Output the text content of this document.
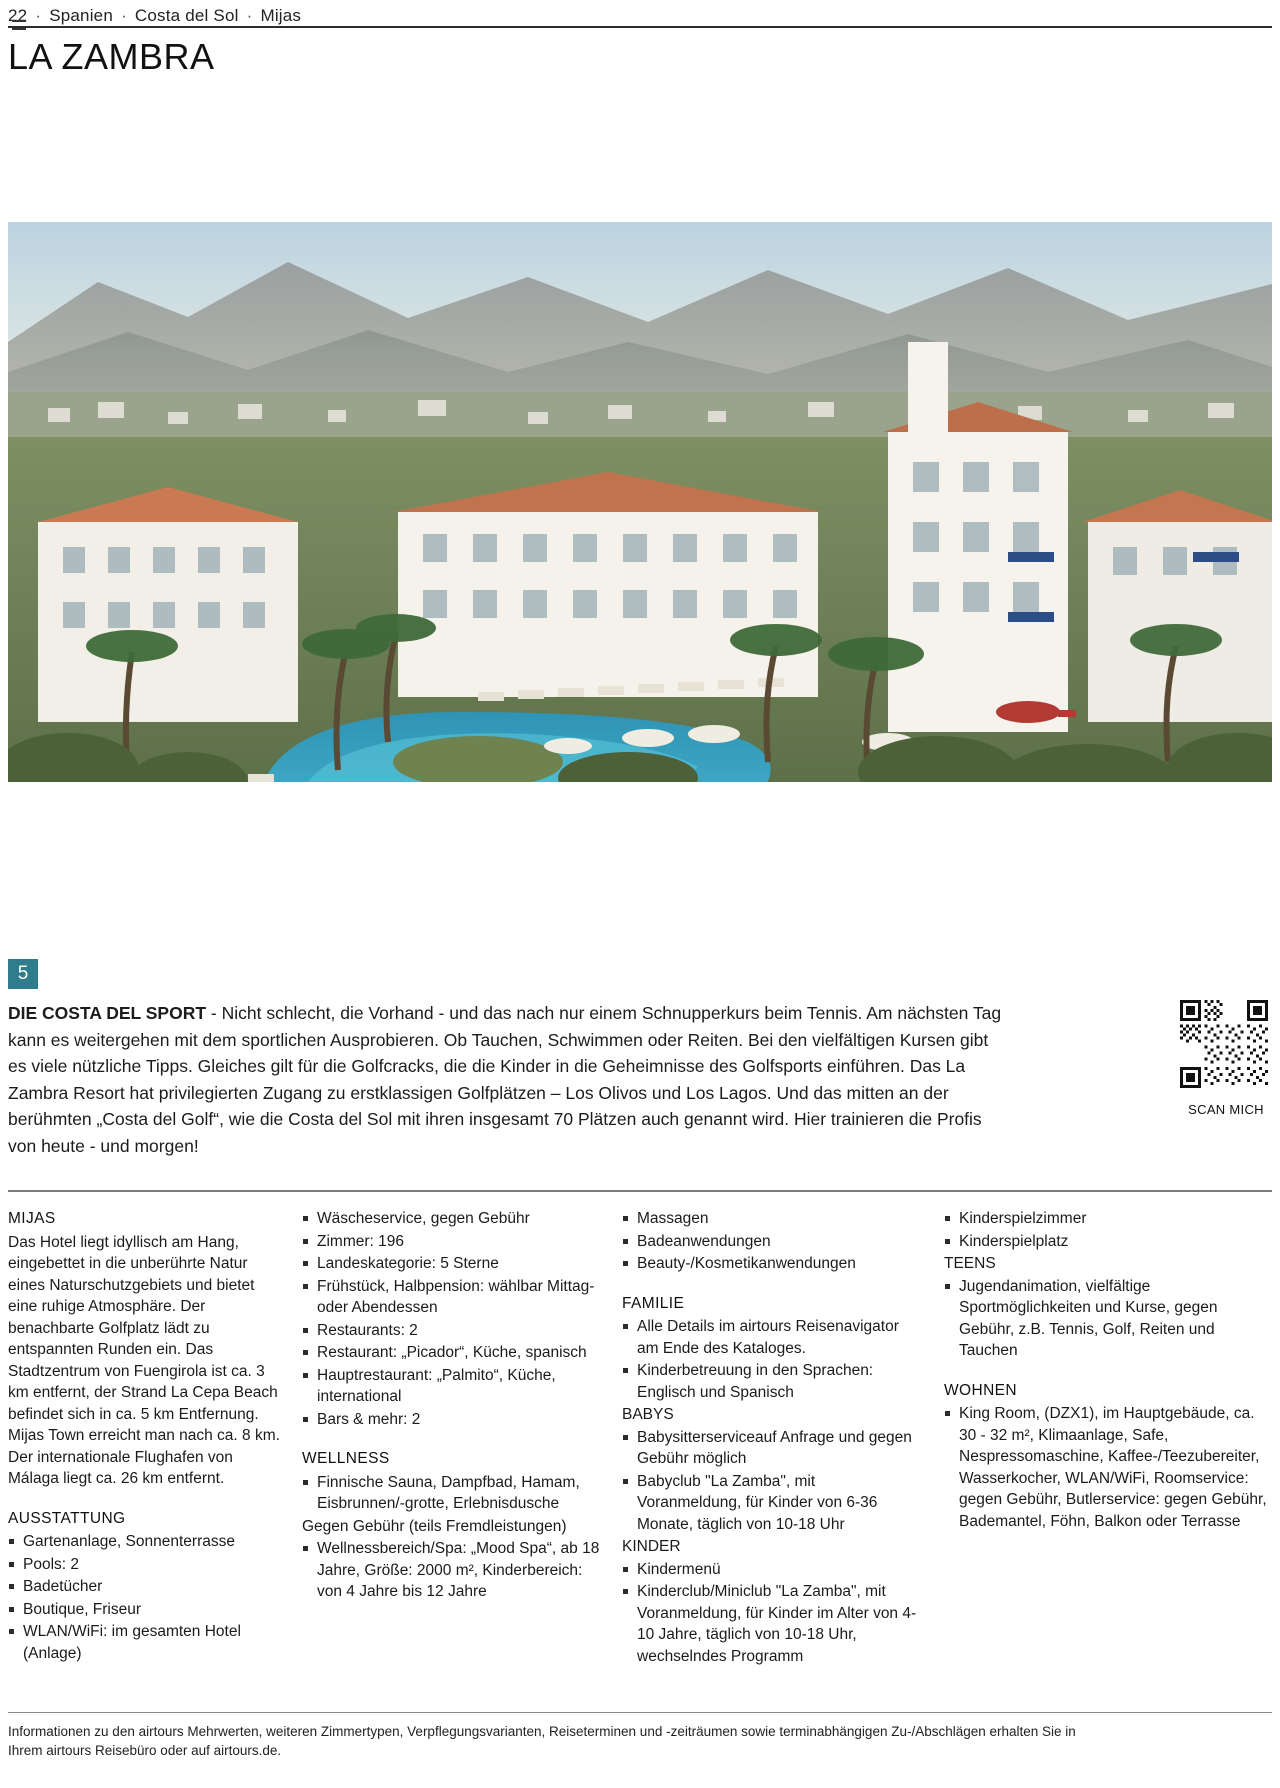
22 · Spanien · Costa del Sol · Mijas
LA ZAMBRA
5
DIE COSTA DEL SPORT - Nicht schlecht, die Vorhand - und das nach nur einem Schnupperkurs beim Tennis. Am nächsten Tag kann es weitergehen mit dem sportlichen Ausprobieren. Ob Tauchen, Schwimmen oder Reiten. Bei den vielfältigen Kursen gibt es viele nützliche Tipps. Gleiches gilt für die Golfcracks, die die Kinder in die Geheimnisse des Golfsports einführen. Das La Zambra Resort hat privilegierten Zugang zu erstklassigen Golfplätzen – Los Olivos und Los Lagos. Und das mitten an der berühmten „Costa del Golf“, wie die Costa del Sol mit ihren insgesamt 70 Plätzen auch genannt wird. Hier trainieren die Profis von heute - und morgen!
SCAN MICH
MIJAS

Das Hotel liegt idyllisch am Hang, eingebettet in die unberührte Natur eines Naturschutzgebiets und bietet eine ruhige Atmosphäre. Der benachbarte Golfplatz lädt zu entspannten Runden ein. Das Stadtzentrum von Fuengirola ist ca. 3 km entfernt, der Strand La Cepa Beach befindet sich in ca. 5 km Entfernung. Mijas Town erreicht man nach ca. 8 km. Der internationale Flughafen von Málaga liegt ca. 26 km entfernt.

AUSSTATTUNG
Gartenanlage, Sonnenterrasse
Pools: 2
Badetücher
Boutique, Friseur
WLAN/WiFi: im gesamten Hotel (Anlage)
Wäscheservice, gegen Gebühr
Zimmer: 196
Landeskategorie: 5 Sterne
Frühstück, Halbpension: wählbar Mittag- oder Abendessen
Restaurants: 2
Restaurant: „Picador“, Küche, spanisch
Hauptrestaurant: „Palmito“, Küche, international
Bars & mehr: 2
WELLNESS
Finnische Sauna, Dampfbad, Hamam, Eisbrunnen/-grotte, Erlebnisdusche
Gegen Gebühr (teils Fremdleistungen)
Wellnessbereich/Spa: „Mood Spa“, ab 18 Jahre, Größe: 2000 m², Kinderbereich: von 4 Jahre bis 12 Jahre
Massagen
Badeanwendungen
Beauty-/Kosmetikanwendungen
FAMILIE
Alle Details im airtours Reisenavigator am Ende des Kataloges.
Kinderbetreuung in den Sprachen: Englisch und Spanisch
BABYS
Babysitterserviceauf Anfrage und gegen Gebühr möglich
Babyclub "La Zamba", mit Voranmeldung, für Kinder von 6-36 Monate, täglich von 10-18 Uhr
KINDER
Kindermenü
Kinderclub/Miniclub "La Zamba", mit Voranmeldung, für Kinder im Alter von 4-10 Jahre, täglich von 10-18 Uhr, wechselndes Programm
Kinderspielzimmer
Kinderspielplatz
TEENS
Jugendanimation, vielfältige Sportmöglichkeiten und Kurse, gegen Gebühr, z.B. Tennis, Golf, Reiten und Tauchen
WOHNEN
King Room, (DZX1), im Hauptgebäude, ca. 30 - 32 m², Klimaanlage, Safe, Nespressomaschine, Kaffee-/Teezubereiter, Wasserkocher, WLAN/WiFi, Roomservice: gegen Gebühr, Butlerservice: gegen Gebühr, Bademantel, Föhn, Balkon oder Terrasse
Informationen zu den airtours Mehrwerten, weiteren Zimmertypen, Verpflegungsvarianten, Reiseterminen und -zeiträumen sowie terminabhängigen Zu-/Abschlägen erhalten Sie in Ihrem airtours Reisebüro oder auf airtours.de.
